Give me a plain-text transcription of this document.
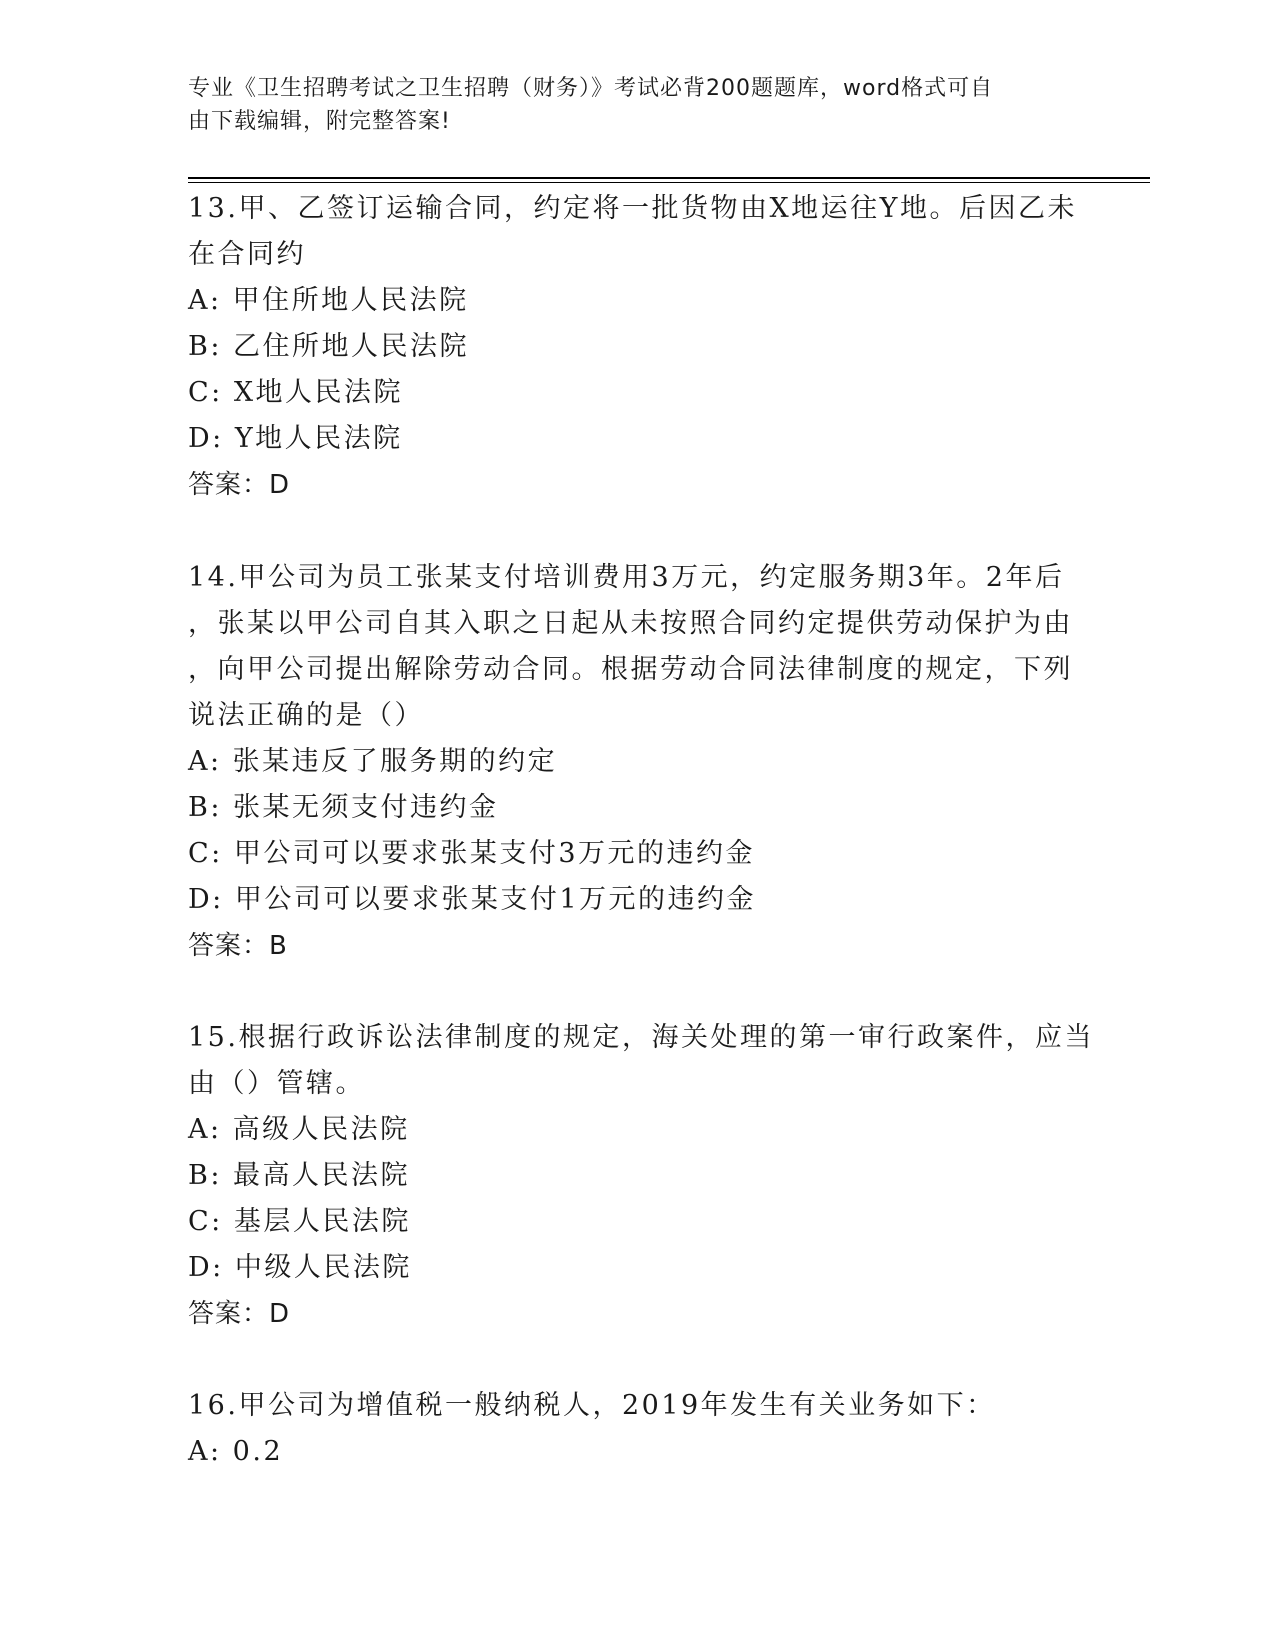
专业《卫生招聘考试之卫生招聘（财务）》考试必背200题题库，word格式可自
由下载编辑，附完整答案!
13.甲、乙签订运输合同，约定将一批货物由X地运往Y地。后因乙未
在合同约
A: 甲住所地人民法院
B: 乙住所地人民法院
C: X地人民法院
D: Y地人民法院
答案：D
14.甲公司为员工张某支付培训费用3万元，约定服务期3年。2年后
，张某以甲公司自其入职之日起从未按照合同约定提供劳动保护为由
，向甲公司提出解除劳动合同。根据劳动合同法律制度的规定，下列
说法正确的是（）
A: 张某违反了服务期的约定
B: 张某无须支付违约金
C: 甲公司可以要求张某支付3万元的违约金
D: 甲公司可以要求张某支付1万元的违约金
答案：B
15.根据行政诉讼法律制度的规定，海关处理的第一审行政案件，应当
由（）管辖。
A: 高级人民法院
B: 最高人民法院
C: 基层人民法院
D: 中级人民法院
答案：D
16.甲公司为增值税一般纳税人，2019年发生有关业务如下：
A: 0.2
